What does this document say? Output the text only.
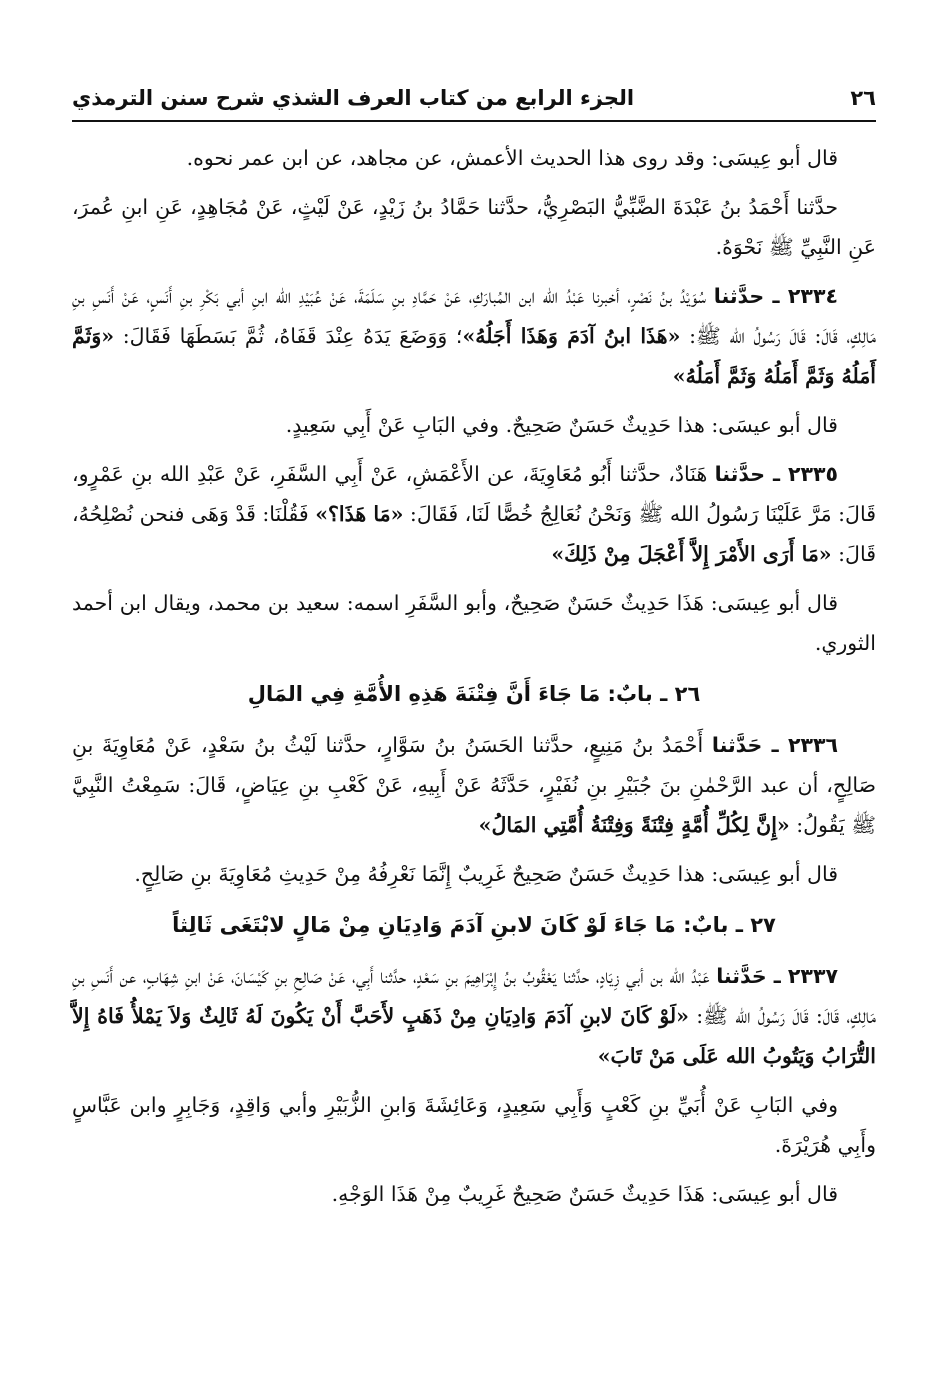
٢٦
الجزء الرابع من كتاب العرف الشذي شرح سنن الترمذي

قال أبو عِيسَى: وقد روى هذا الحديث الأعمش، عن مجاهد، عن ابن عمر نحوه.

حدَّثنا أَحْمَدُ بنُ عَبْدَةَ الضَّبِّيُّ البَصْرِيُّ، حدَّثنا حَمَّادُ بنُ زَيْدٍ، عَنْ لَيْثٍ، عَنْ مُجَاهِدٍ، عَنِ ابنِ عُمرَ، عَنِ النَّبِيِّ ﷺ نَحْوَهُ.

٢٣٣٤ ـ حدَّثنا سُوَيْدُ بنُ نَصْرٍ، أخبرنا عَبْدُ الله ابن المُبارَكِ، عَنْ حَمَّادِ بنِ سَلَمَةَ، عَنْ عُبَيْدِ الله ابنِ أبي بَكْرِ بنِ أَنَسٍ، عَنْ أَنَسِ بنِ مَالِكٍ، قَالَ: قَالَ رَسُولُ الله ﷺ: «هَذَا ابنُ آدَمَ وَهَذَا أَجَلُهُ»؛ وَوَضَعَ يَدَهُ عِنْدَ قَفَاهُ، ثُمَّ بَسَطَهَا فَقَالَ: «وَثَمَّ أَمَلُهُ وَثَمَّ أَمَلُهُ وَثَمَّ أَمَلُهُ»

قال أبو عيسَى: هذا حَدِيثٌ حَسَنٌ صَحِيحٌ. وفي البَابِ عَنْ أَبِي سَعِيدٍ.

٢٣٣٥ ـ حدَّثنا هَنَادٌ، حدَّثنا أَبُو مُعَاوِيَةَ، عن الأَعْمَشِ، عَنْ أَبِي السَّفَرِ، عَنْ عَبْدِ الله بنِ عَمْرٍو، قَالَ: مَرَّ عَلَيْنَا رَسُولُ الله ﷺ وَنَحْنُ نُعَالِجُ خُصًّا لَنَا، فَقَالَ: «مَا هَذَا؟» فَقُلْنَا: قَدْ وَهَى فنحن نُصْلِحُهُ، قَالَ: «مَا أَرَى الأَمْرَ إِلاَّ أَعْجَلَ مِنْ ذَلِكَ»

قال أبو عِيسَى: هَذَا حَدِيثٌ حَسَنٌ صَحِيحٌ، وأبو السَّفَرِ اسمه: سعيد بن محمد، ويقال ابن أحمد الثوري.

٢٦ ـ بابٌ: مَا جَاءَ أَنَّ فِتْنَةَ هَذِهِ الأُمَّةِ فِي المَالِ

٢٣٣٦ ـ حَدَّثنا أَحْمَدُ بنُ مَنِيعٍ، حدَّثنا الحَسَنُ بنُ سَوَّارٍ، حدَّثنا لَيْثُ بنُ سَعْدٍ، عَنْ مُعَاوِيَةَ بنِ صَالِحٍ، أن عبد الرَّحْمٰنِ بنَ جُبَيْرِ بنِ نُفَيْرٍ، حَدَّثَهُ عَنْ أَبِيهِ، عَنْ كَعْبِ بنِ عِيَاضٍ، قَالَ: سَمِعْتُ النَّبِيَّ ﷺ يَقُولُ: «إِنَّ لِكُلِّ أُمَّةٍ فِتْنَةً وَفِتْنَةُ أُمَّتِي المَالُ»

قال أبو عِيسَى: هذا حَدِيثٌ حَسَنٌ صَحِيحٌ غَرِيبٌ إِنَّمَا نَعْرِفُهُ مِنْ حَدِيثِ مُعَاوِيَةَ بنِ صَالِحٍ.

٢٧ ـ بابٌ: مَا جَاءَ لَوْ كَانَ لابنِ آدَمَ وَادِيَانِ مِنْ مَالٍ لابْتَغَى ثَالِثاً

٢٣٣٧ ـ حَدَّثنا عَبْدُ الله بن أبي زِيَادٍ، حدَّثنا يَعْقُوبُ بنُ إِبْرَاهِيمَ بنِ سَعْدٍ، حدَّثنا أَبِي، عَنْ صَالِحِ بنِ كَيْسَانَ، عَنْ ابنِ شِهَابٍ، عن أَنَسِ بنِ مَالِكٍ، قَالَ: قَالَ رَسُولُ الله ﷺ: «لَوْ كَانَ لابنِ آدَمَ وَادِيَانِ مِنْ ذَهَبٍ لأَحَبَّ أَنْ يَكُونَ لَهُ ثَالِثٌ وَلاَ يَمْلأُ فَاهُ إِلاَّ التُّرَابُ وَيَتُوبُ الله عَلَى مَنْ تَابَ»

وفي البَابِ عَنْ أُبَيِّ بنِ كَعْبٍ وَأَبِي سَعِيدٍ، وَعَائِشَةَ وَابنِ الزُّبَيْرِ وأبي وَاقِدٍ، وَجَابِرٍ وابن عَبَّاسٍ وأَبِي هُرَيْرَةَ.

قال أبو عِيسَى: هَذَا حَدِيثٌ حَسَنٌ صَحِيحٌ غَرِيبٌ مِنْ هَذَا الوَجْهِ.
